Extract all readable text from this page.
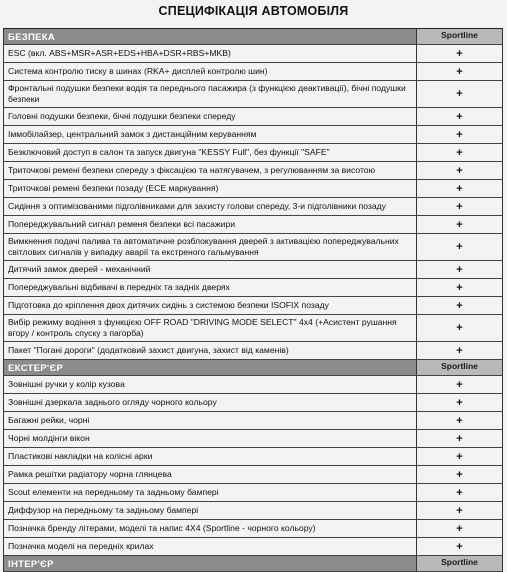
СПЕЦИФІКАЦІЯ АВТОМОБІЛЯ
БЕЗПЕКА	Sportline
ESC (вкл. ABS+MSR+ASR+EDS+HBA+DSR+RBS+MKB)	+
Система контролю тиску в шинах (RKA+ дисплей контролю шин)	+
Фронтальні подушки безпеки водія та переднього пасажира (з функцією деактивації), бічні подушки безпеки	+
Головні подушки безпеки, бічні подушки безпеки спереду	+
Іммобілайзер, центральний замок з дистанційним керуванням	+
Безключовий доступ в салон та запуск двигуна "KESSY Full", без функції "SAFE"	+
Триточкові ремені безпеки спереду з фіксацією та натягувачем, з регулюванням за висотою	+
Триточкові ремені безпеки позаду (ECE маркування)	+
Сидіння з оптимізованими підголівниками для захисту голови спереду, 3-и підголівники позаду	+
Попереджувальний сигнал ременя безпеки всі пасажири	+
Вимкнення подачі палива та автоматичне розблокування дверей з активацією попереджувальних світлових сигналів у випадку аварії та екстреного гальмування	+
Дитячий замок дверей - механічний	+
Попереджувальні відбивачі в передніх та задніх дверях	+
Підготовка до кріплення двох дитячих сидінь з системою безпеки ISOFIX позаду	+
Вибір режиму водіння з функцією OFF ROAD "DRIVING MODE SELECT" 4x4 (+Асистент рушання вгору / контроль спуску з пагорба)	+
Пакет "Погані дороги" (додатковий захист двигуна, захист від каменів)	+
ЕКСТЕР'ЄР	Sportline
Зовнішні ручки у колір кузова	+
Зовнішні дзеркала заднього огляду чорного кольору	+
Багажні рейки, чорні	+
Чорні молдінги вікон	+
Пластикові накладки на колісні арки	+
Рамка решітки радіатору чорна глянцева	+
Scout елементи на передньому та задньому бампері	+
Диффузор на передньому та задньому бампері	+
Позначка бренду літерами, моделі та напис 4X4 (Sportline - чорного кольору)	+
Позначка моделі на передніх крилах	+
ІНТЕР'ЄР	Sportline
